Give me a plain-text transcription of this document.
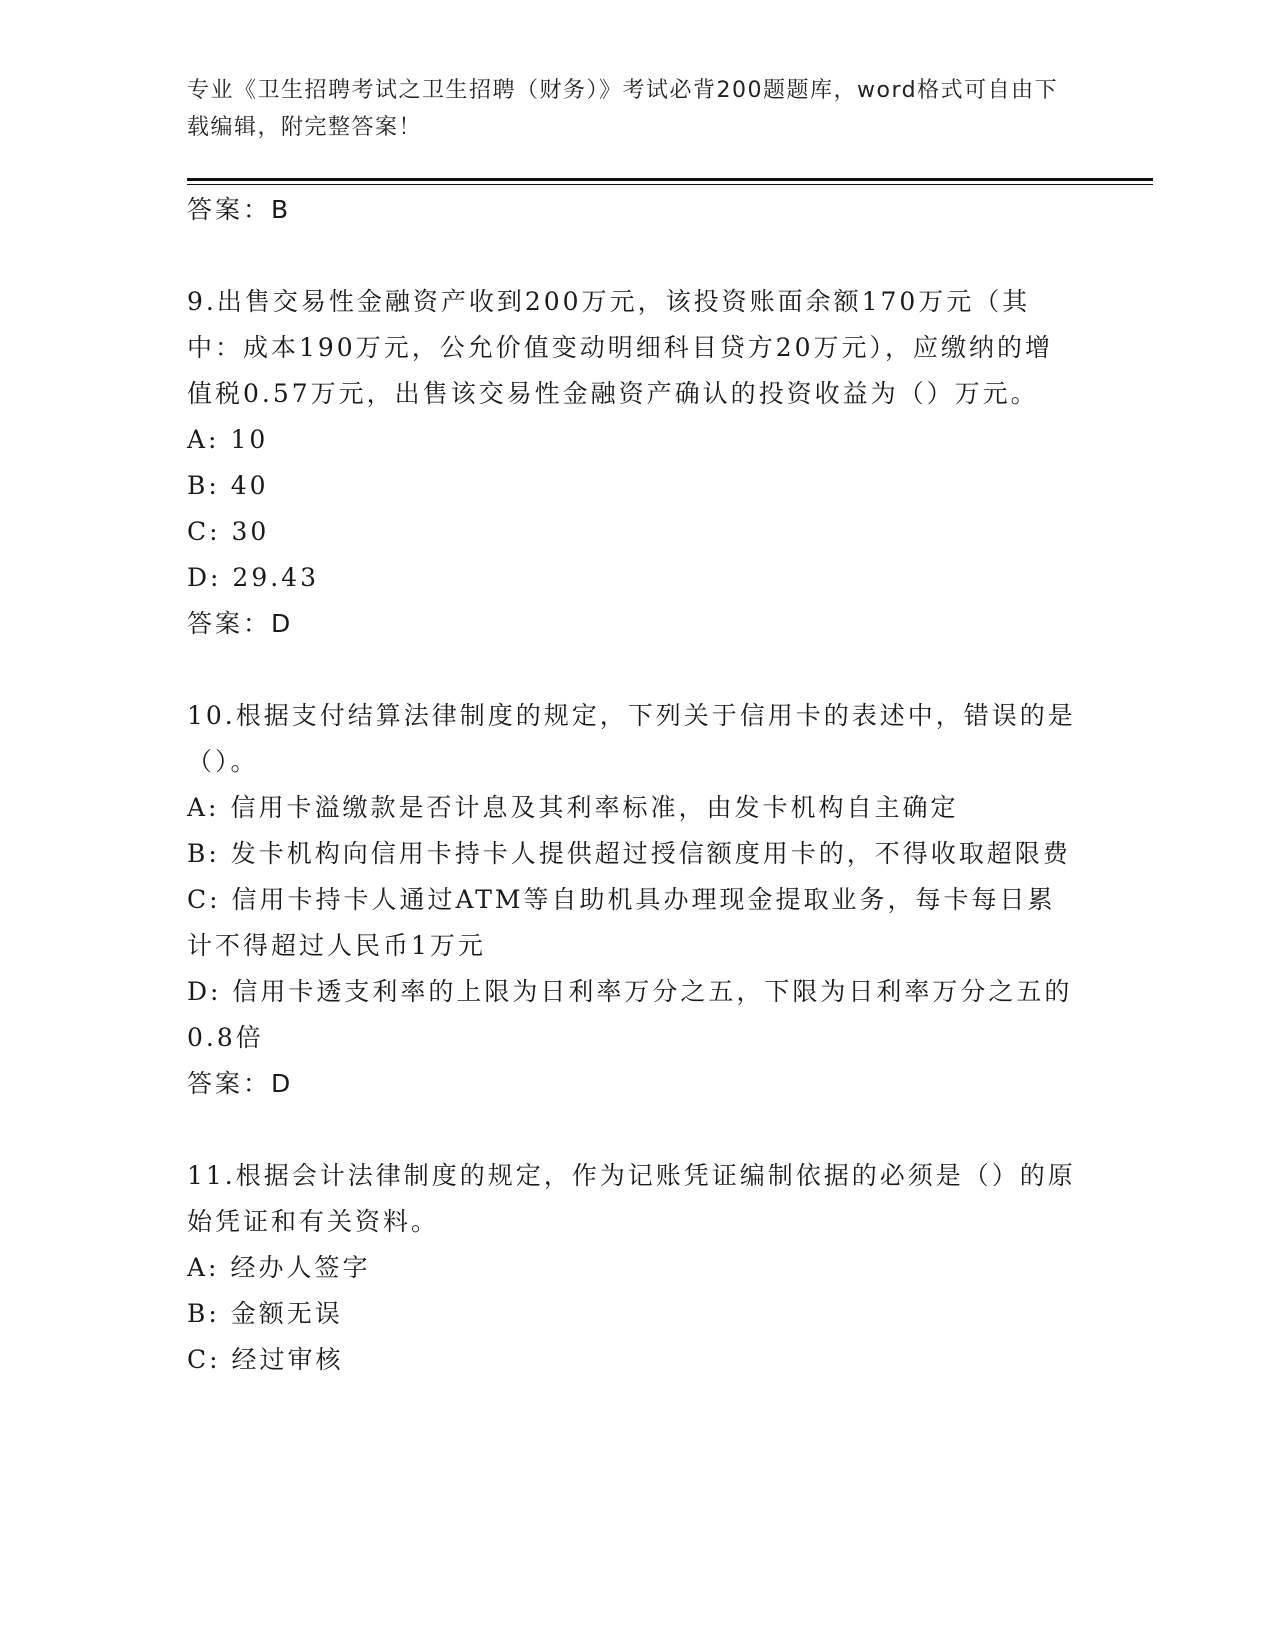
专业《卫生招聘考试之卫生招聘（财务）》考试必背200题题库，word格式可自由下载编辑，附完整答案！
答案：B
9.出售交易性金融资产收到200万元，该投资账面余额170万元（其中：成本190万元，公允价值变动明细科目贷方20万元），应缴纳的增值税0.57万元，出售该交易性金融资产确认的投资收益为（）万元。
A: 10
B: 40
C: 30
D: 29.43
答案：D
10.根据支付结算法律制度的规定，下列关于信用卡的表述中，错误的是（）。
A: 信用卡溢缴款是否计息及其利率标准，由发卡机构自主确定
B: 发卡机构向信用卡持卡人提供超过授信额度用卡的，不得收取超限费
C: 信用卡持卡人通过ATM等自助机具办理现金提取业务，每卡每日累计不得超过人民币1万元
D: 信用卡透支利率的上限为日利率万分之五，下限为日利率万分之五的0.8倍
答案：D
11.根据会计法律制度的规定，作为记账凭证编制依据的必须是（）的原始凭证和有关资料。
A: 经办人签字
B: 金额无误
C: 经过审核
